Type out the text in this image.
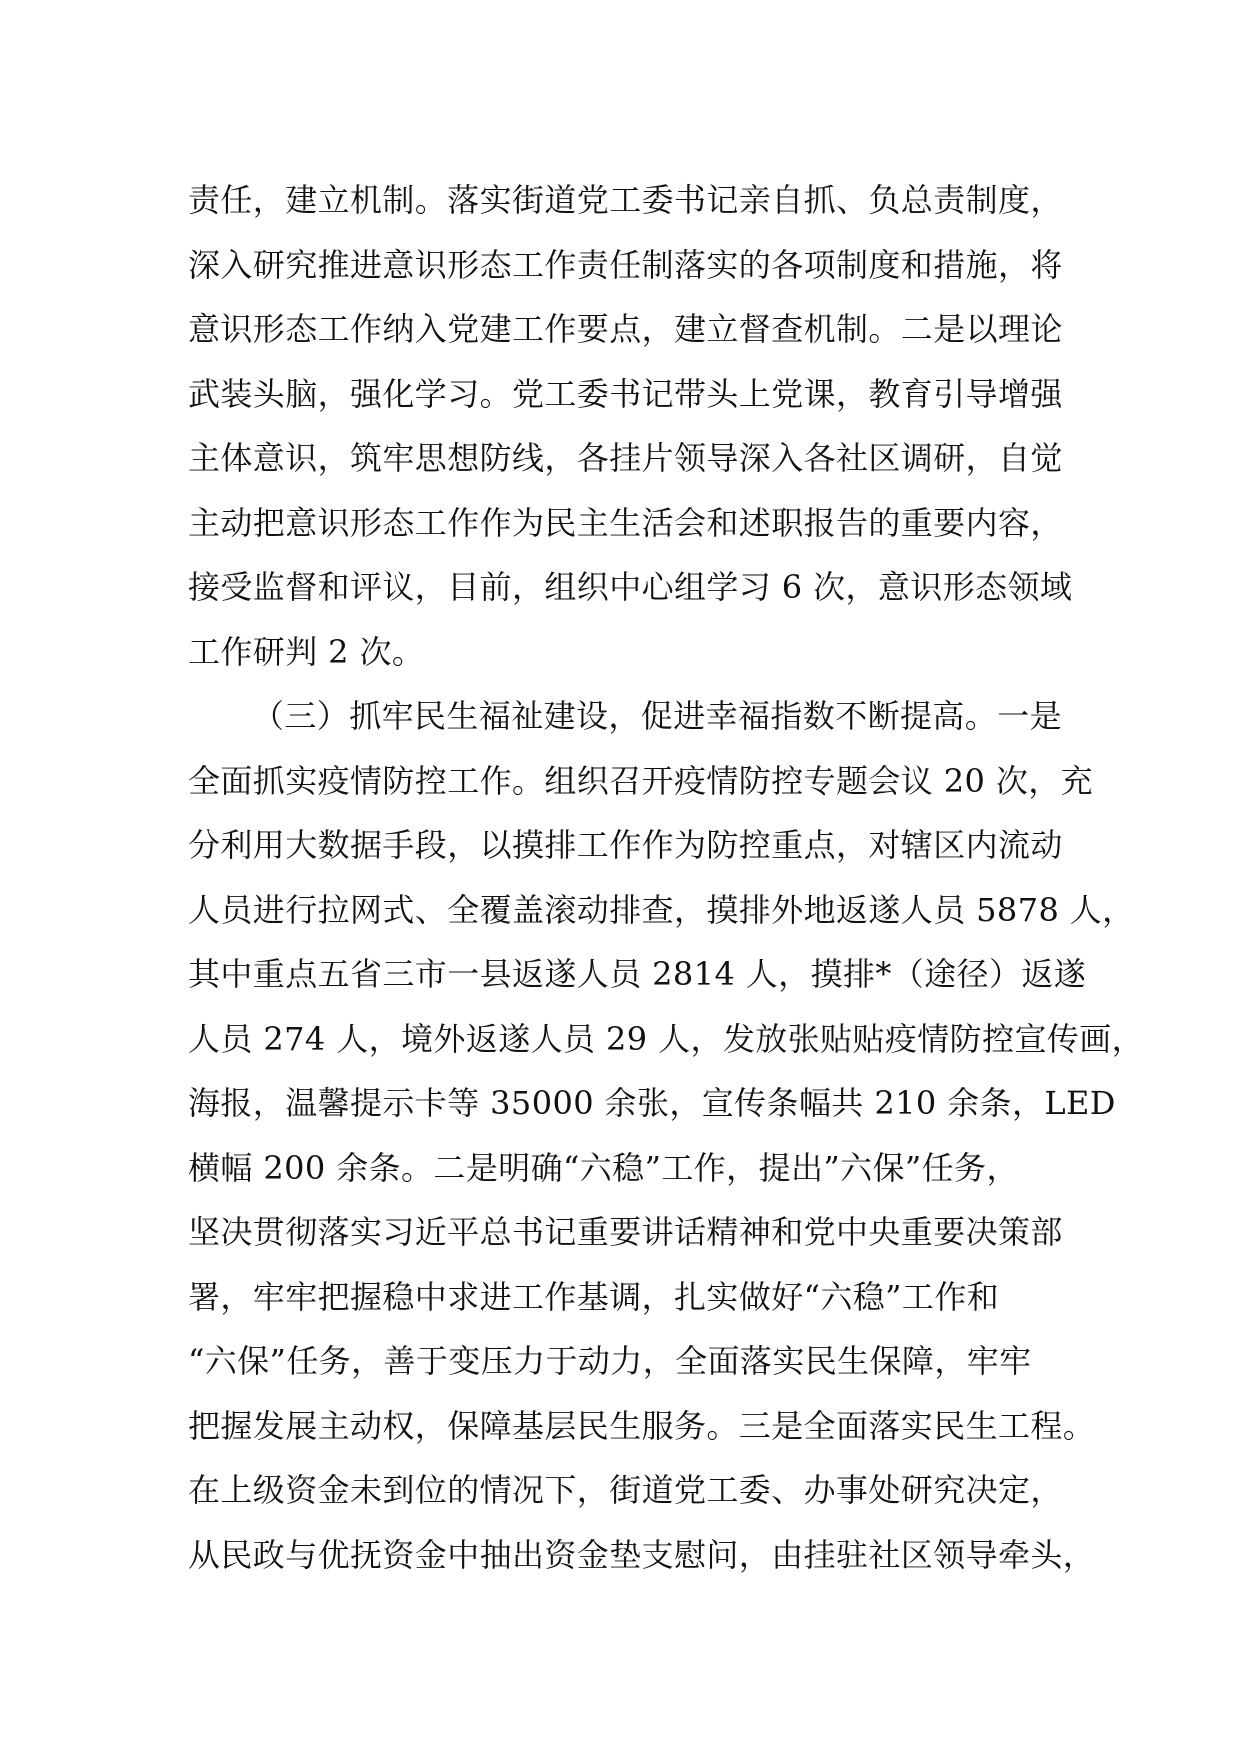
责任，建立机制。落实街道党工委书记亲自抓、负总责制度，
深入研究推进意识形态工作责任制落实的各项制度和措施，将
意识形态工作纳入党建工作要点，建立督查机制。二是以理论
武装头脑，强化学习。党工委书记带头上党课，教育引导增强
主体意识，筑牢思想防线，各挂片领导深入各社区调研，自觉
主动把意识形态工作作为民主生活会和述职报告的重要内容，
接受监督和评议，目前，组织中心组学习 6 次，意识形态领域
工作研判 2 次。
（三）抓牢民生福祉建设，促进幸福指数不断提高。一是
全面抓实疫情防控工作。组织召开疫情防控专题会议 20 次，充
分利用大数据手段，以摸排工作作为防控重点，对辖区内流动
人员进行拉网式、全覆盖滚动排查，摸排外地返遂人员 5878 人，
其中重点五省三市一县返遂人员 2814 人，摸排*（途径）返遂
人员 274 人，境外返遂人员 29 人，发放张贴贴疫情防控宣传画，
海报，温馨提示卡等 35000 余张，宣传条幅共 210 余条，LED
横幅 200 余条。二是明确“六稳”工作，提出”六保”任务，
坚决贯彻落实习近平总书记重要讲话精神和党中央重要决策部
署，牢牢把握稳中求进工作基调，扎实做好“六稳”工作和
“六保”任务，善于变压力于动力，全面落实民生保障，牢牢
把握发展主动权，保障基层民生服务。三是全面落实民生工程。
在上级资金未到位的情况下，街道党工委、办事处研究决定，
从民政与优抚资金中抽出资金垫支慰问，由挂驻社区领导牵头，
